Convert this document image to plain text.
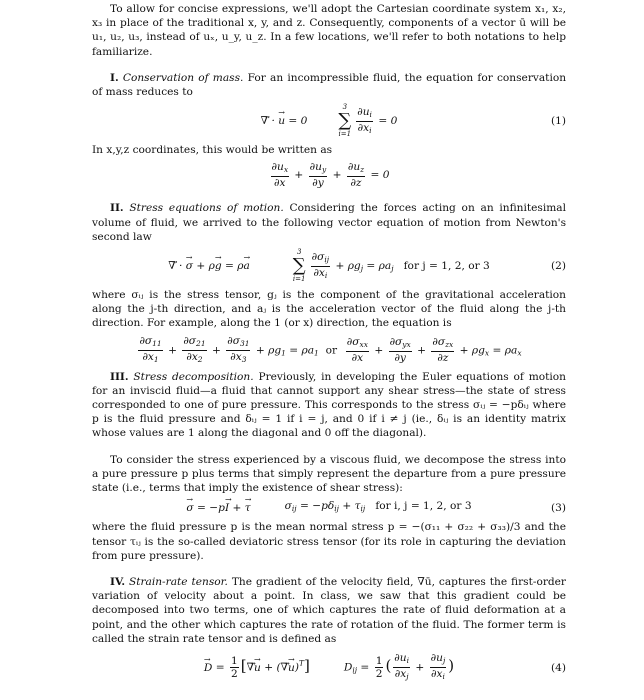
To allow for concise expressions, we'll adopt the Cartesian coordinate system x₁, x₂, x₃ in place of the traditional x, y, and z. Consequently, components of a vector ū will be u₁, u₂, u₃, instead of uₓ, u_y, u_z. In a few locations, we'll refer to both notations to help familiarize.

I. Conservation of mass. For an incompressible fluid, the equation for conservation of mass reduces to

∇⃗ · → u = 0
3
∑
$i=1 \frac{\partial u_i}{\partial x_i} = 0$	(1)

In x,y,z coordinates, this would be written as

$\frac{\partial u_x}{\partial x} + \frac{\partial u_y}{\partial y} + \frac{\partial u_z}{\partial z} = 0$

II. Stress equations of motion. Considering the forces acting on an infinitesimal volume of fluid, we arrived to the following vector equation of motion from Newton's second law

∇⃗ · → σ + ρ→ g = ρ→ a
3
∑
$i=1 \frac{\partial\sigma_{ij}}{\partial x_i} + \rho g_j = \rho a_j$ for j = 1, 2, or 3	(2)

where σᵢⱼ is the stress tensor, gⱼ is the component of the gravitational acceleration along the j-th direction, and aⱼ is the acceleration vector of the fluid along the j-th direction. For example, along the 1 (or x) direction, the equation is

$\frac{\partial\sigma_{11}}{\partial x_1} + \frac{\partial\sigma_{21}}{\partial x_2} + \frac{\partial\sigma_{31}}{\partial x_3} + \rho g_1 = \rho a_1$  or $\frac{\partial\sigma_{xx}}{\partial x} + \frac{\partial\sigma_{yx}}{\partial y} + \frac{\partial\sigma_{zx}}{\partial z} + \rho g_x = \rho a_x$

III. Stress decomposition. Previously, in developing the Euler equations of motion for an inviscid fluid—a fluid that cannot support any shear stress—the state of stress corresponded to one of pure pressure. This corresponds to the stress σᵢⱼ = −pδᵢⱼ where p is the fluid pressure and δᵢⱼ = 1 if i = j, and 0 if i ≠ j (ie., δᵢⱼ is an identity matrix whose values are 1 along the diagonal and 0 off the diagonal).

To consider the stress experienced by a viscous fluid, we decompose the stress into a pure pressure p plus terms that simply represent the departure from a pure pressure state (i.e., terms that imply the existence of shear stress):

→ σ = −p→ I + → τ	$\sigma_{ij} = -p\delta_{ij} + \tau_{ij}$ for i, j = 1, 2, or 3	(3)

where the fluid pressure p is the mean normal stress p = −(σ₁₁ + σ₂₂ + σ₃₃)/3 and the tensor τᵢⱼ is the so-called deviatoric stress tensor (for its role in capturing the deviation from pure pressure).

IV. Strain-rate tensor. The gradient of the velocity field, ∇ū, captures the first-order variation of velocity about a point. In class, we saw that this gradient could be decomposed into two terms, one of which captures the rate of fluid deformation at a point, and the other which captures the rate of rotation of the fluid. The former term is called the strain rate tensor and is defined as

→ $D = \frac{1}{2}$ [∇→ u + (∇→ u)$^T$]	$D_{ij} = \frac{1}{2}$ ( $\frac{\partial u_i}{\partial x_j} + \frac{\partial u_j}{\partial x_i}$ )	(4)
